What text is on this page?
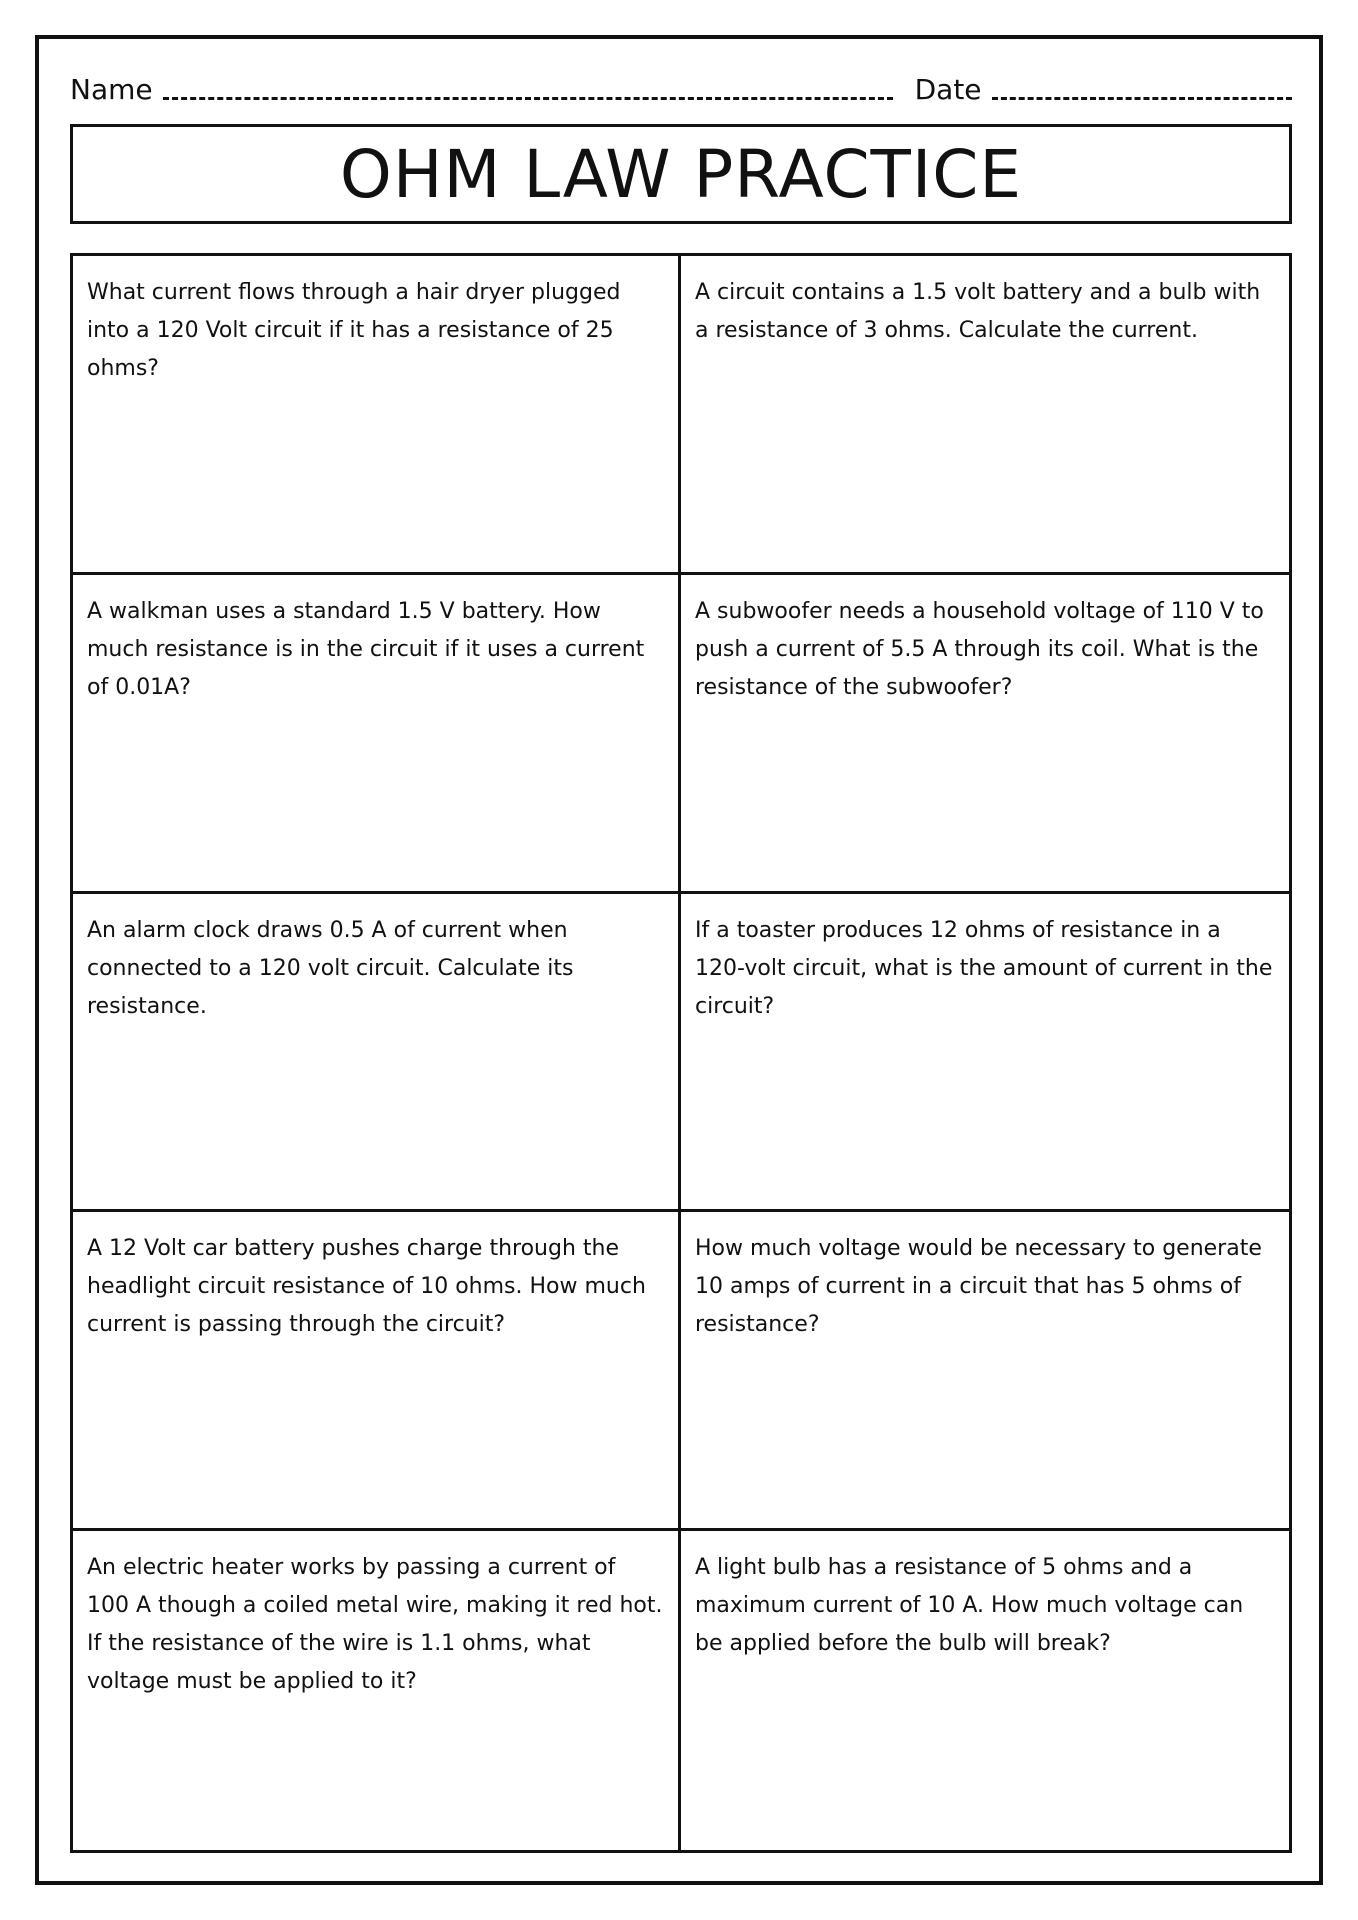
Name	Date
OHM LAW PRACTICE
What current flows through a hair dryer plugged into a 120 Volt circuit if it has a resistance of 25 ohms?
A circuit contains a 1.5 volt battery and a bulb with a resistance of 3 ohms. Calculate the current.
A walkman uses a standard 1.5 V battery. How much resistance is in the circuit if it uses a current of 0.01A?
A subwoofer needs a household voltage of 110 V to push a current of 5.5 A through its coil. What is the resistance of the subwoofer?
An alarm clock draws 0.5 A of current when connected to a 120 volt circuit. Calculate its resistance.
If a toaster produces 12 ohms of resistance in a 120-volt circuit, what is the amount of current in the circuit?
A 12 Volt car battery pushes charge through the headlight circuit resistance of 10 ohms. How much current is passing through the circuit?
How much voltage would be necessary to generate 10 amps of current in a circuit that has 5 ohms of resistance?
An electric heater works by passing a current of 100 A though a coiled metal wire, making it red hot. If the resistance of the wire is 1.1 ohms, what voltage must be applied to it?
A light bulb has a resistance of 5 ohms and a maximum current of 10 A. How much voltage can be applied before the bulb will break?
